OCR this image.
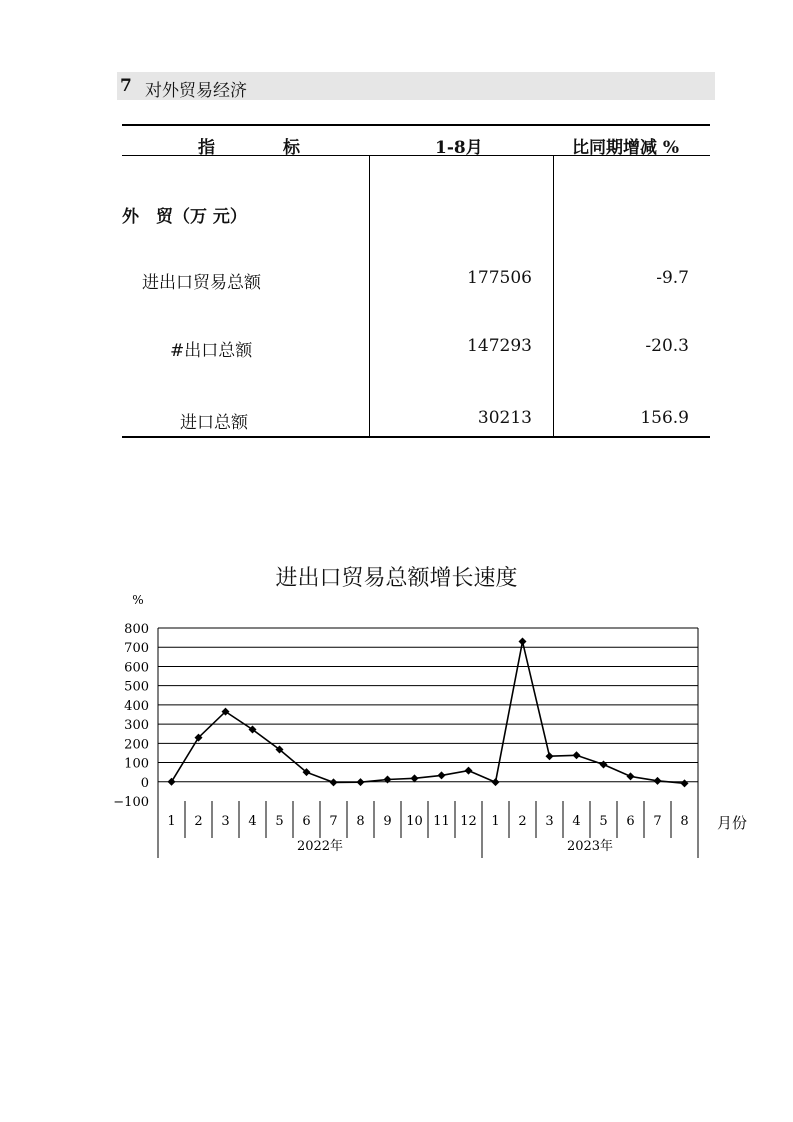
7 对外贸易经济
指　　　　标	1-8月	比同期增减 %
外　贸（万 元）
进出口贸易总额	177506	-9.7
#出口总额	147293	-20.3
进口总额	30213	156.9
进出口贸易总额增长速度
800
700
600
500
400
300
200
100
0
−100
%
1 2 3 4 5 6 7 8 9 10 11 12 1 2 3 4 5 6 7 8
2022年	2023年
月份
